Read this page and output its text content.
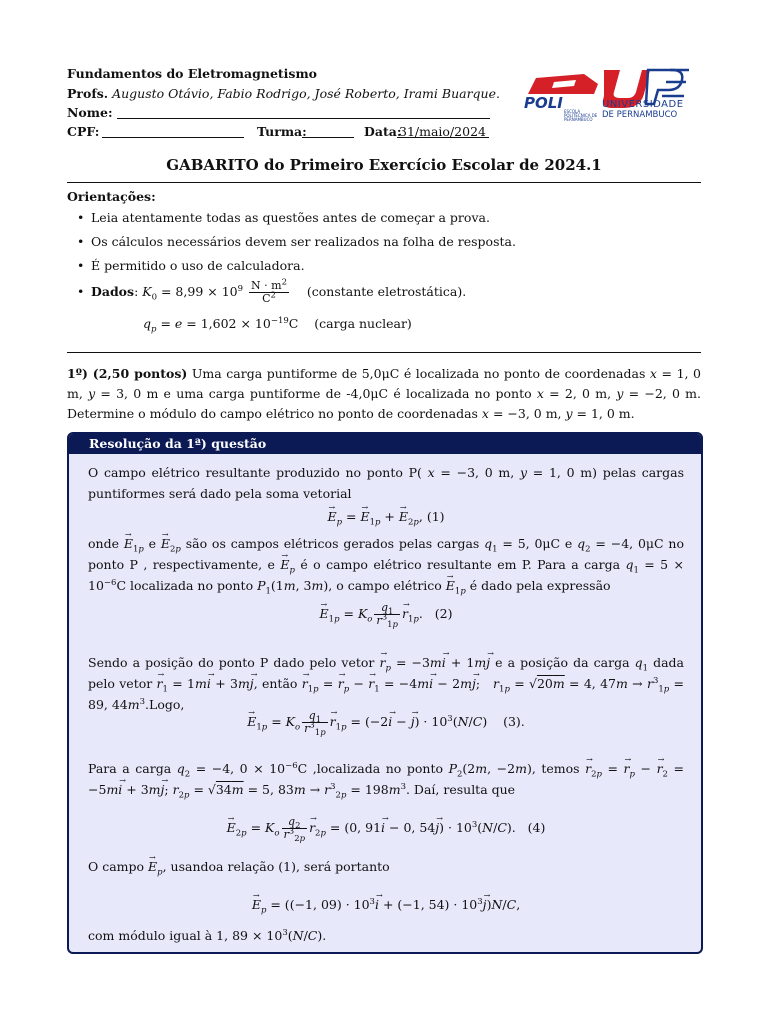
Fundamentos do Eletromagnetismo
Profs. Augusto Otávio, Fabio Rodrigo, José Roberto, Irami Buarque.
Nome:
CPF:	Turma:	Data:
31/maio/2024
POLI ESCOLA POLITÉCNICA DE PERNAMBUCO
UNIVERSIDADE
DE PERNAMBUCO
GABARITO do Primeiro Exercício Escolar de 2024.1
Orientações:
• Leia atentamente todas as questões antes de começar a prova.
• Os cálculos necessários devem ser realizados na folha de resposta.
• É permitido o uso de calculadora.
• Dados: $K_0 = 8,99 \times 10^9 \frac{N \cdot m^2}{C^2}$ (constante eletrostática).
$q_p = e = 1,602 \times 10^{-19}C$    (carga nuclear)
1º) (2,50 pontos) Uma carga puntiforme de 5,0μC é localizada no ponto de coordenadas x = 1, 0 m, y = 3, 0 m e uma carga puntiforme de -4,0μC é localizada no ponto x = 2, 0 m, y = −2, 0 m. Determine o módulo do campo elétrico no ponto de coordenadas x = −3, 0 m, y = 1, 0 m.
Resolução da 1ª) questão
O campo elétrico resultante produzido no ponto P( x = −3, 0 m, y = 1, 0 m) pelas cargas puntiformes será dado pela soma vetorial
→ $E_p$ = → $E_{1p}$ + → $E_{2p}$, (1)
onde → $E_{1p}$ $e \to E_{2p}$ são os campos elétricos gerados pelas cargas $q_1 = 5$, 0μC e $q_2 = -4$, 0μC no ponto P , respectivamente, $e \to E_p$ é o campo elétrico resultante em P. Para a carga $q_1 = 5 \times 10^{-6}C$ localizada no ponto $P_1(1m$, 3m), o campo elétrico → $E_{1p}$ é dado pela expressão
→ $E_{1p} = K_o \frac{q_1}{r^3_{1p}} \to r_{1p}$.   (2)
Sendo a posição do ponto P dado pelo vetor → $r_p = -3m\to i + 1m\to j$ e a posição da carga $q_1$ dada pelo vetor → $r_1 = 1m\to i + 3m\to j$, então → $r_{1p}$ = → $r_p$ − → $r_1 = -4m\to i - 2m\to j$;   $r_{1p} = √20m = 4$, $47m \to r^3_{1p} = 89$, $44m^3.Logo$,
→ $E_{1p} = K_o \frac{q_1}{r^3_{1p}} \to r_{1p} = (-2\to i$ − → $j) \cdot 10^3(N/C)$    (3).
Para a carga $q_2 = -4$, $0 \times 10^{-6}C$ ,localizada no ponto $P_2(2m$, −2m), temos → $r_{2p}$ = → $r_p$ − → $r_2 = -5m\to i + 3m\to j$; $r_{2p} = √34m = 5$, $83m \to r^3_{2p} = 198m^3$. Daí, resulta que
→ $E_{2p} = K_o \frac{q_2}{r^3_{2p}} \to r_{2p} = (0$, 91→ i − 0, $54\to j) \cdot 10^3(N/C)$.   (4)
O campo → $E_p$, usandoa relação (1), será portanto
→ $E_p = ((-1$, $09) \cdot 10^3\to i + (-1$, $54) \cdot 10^3\to j)N/C$,
com módulo igual à 1, $89 \times 10^3(N/C)$.
